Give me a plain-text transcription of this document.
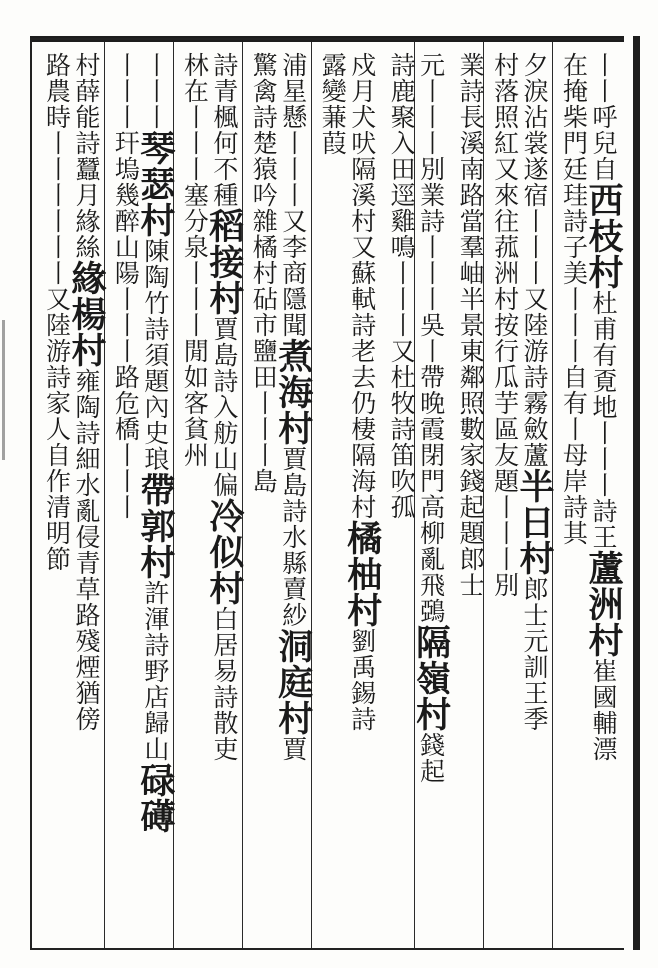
丨丨呼兒自西枝村杜甫有覔地丨丨丨詩王蘆洲村崔國輔漂
在掩柴門廷珪詩子美丨丨丨自有丨母岸詩其
夕淚沾裳遂宿丨丨丨又陸游詩霧斂蘆半日村郎士元訓王季
村落照紅又來往菰洲村按行瓜芋區友題丨丨丨別
業詩長溪南路當羣岫半景東鄰照數家錢起題郎士
元丨丨丨別業詩丨丨丨吳丨帶晚霞閉門高柳亂飛鵶隔嶺村錢起
詩鹿聚入田逕雞鳴丨丨丨又杜牧詩笛吹孤
戍月犬吠隔溪村又蘇軾詩老去仍棲隔海村橘柚村劉禹錫詩
露變蒹葭
浦星懸丨丨丨又李商隱聞煮海村賈島詩水縣賣紗洞庭村賈
驚禽詩楚猿吟雜橘村砧市鹽田丨丨丨島
詩青楓何不種稻接村賈島詩入舫山偏冷似村白居易詩散吏
林在丨丨丨塞分泉丨丨丨閒如客貧州
丨丨丨琴瑟村陳陶竹詩須題內史琅帶郭村許渾詩野店歸山碌礡
丨丨丨玕塢幾醉山陽丨丨丨路危橋丨丨丨
村薛能詩蠶月緣絲緣楊村雍陶詩細水亂侵青草路殘煙猶傍
路農時丨丨丨丨丨丨又陸游詩家人自作清明節
